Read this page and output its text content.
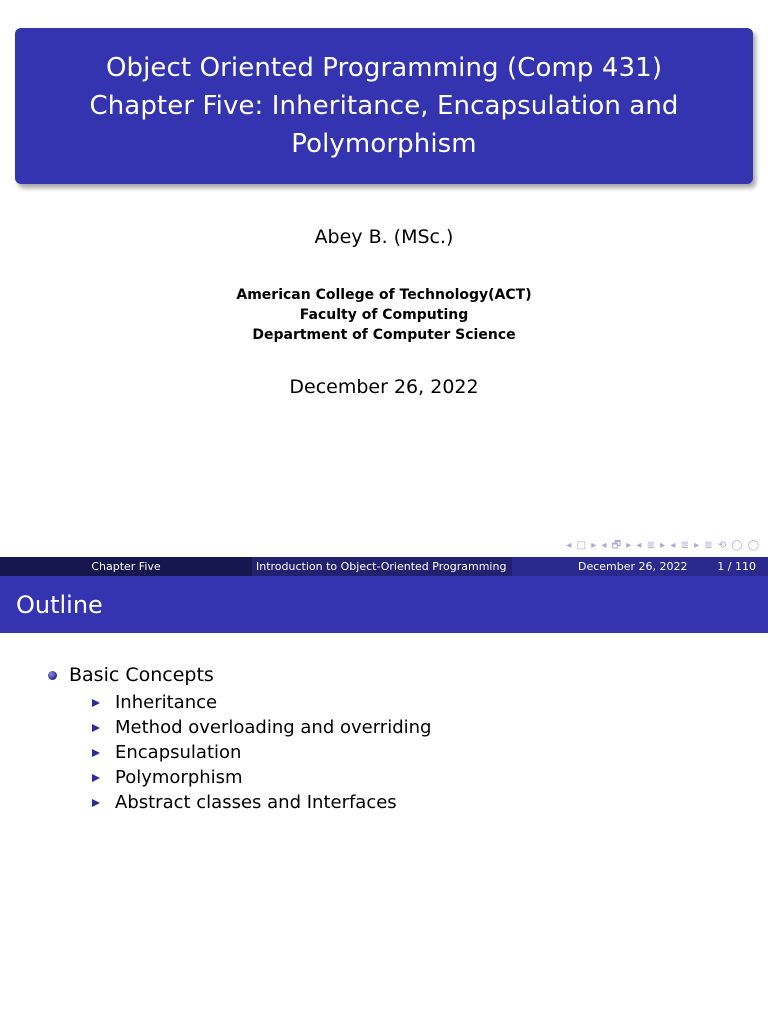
Object Oriented Programming (Comp 431)
Chapter Five: Inheritance, Encapsulation and
Polymorphism
Abey B. (MSc.)
American College of Technology(ACT)
Faculty of Computing
Department of Computer Science
December 26, 2022
◂ □ ▸ ◂ 🗗 ▸ ◂ ≣ ▸ ◂ ≣ ▸ ≣ ⟲ ◯ ◯
Chapter Five	Introduction to Object-Oriented Programming	December 26, 2022	1 / 110
Outline
Basic Concepts
Inheritance
Method overloading and overriding
Encapsulation
Polymorphism
Abstract classes and Interfaces
